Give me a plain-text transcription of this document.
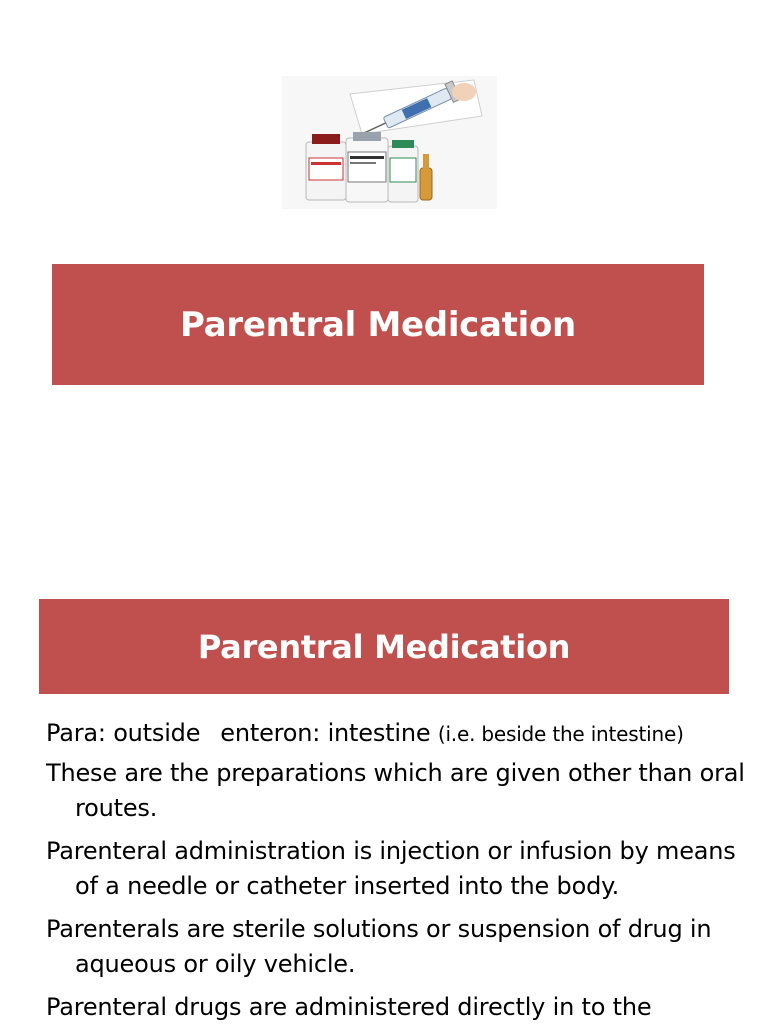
Parentral Medication
Parentral Medication

Para: outside enteron: intestine (i.e. beside the intestine)

These are the preparations which are given other than oral routes.

Parenteral administration is injection or infusion by means of a needle or catheter inserted into the body.

Parenterals are sterile solutions or suspension of drug in aqueous or oily vehicle.

Parenteral drugs are administered directly in to the
